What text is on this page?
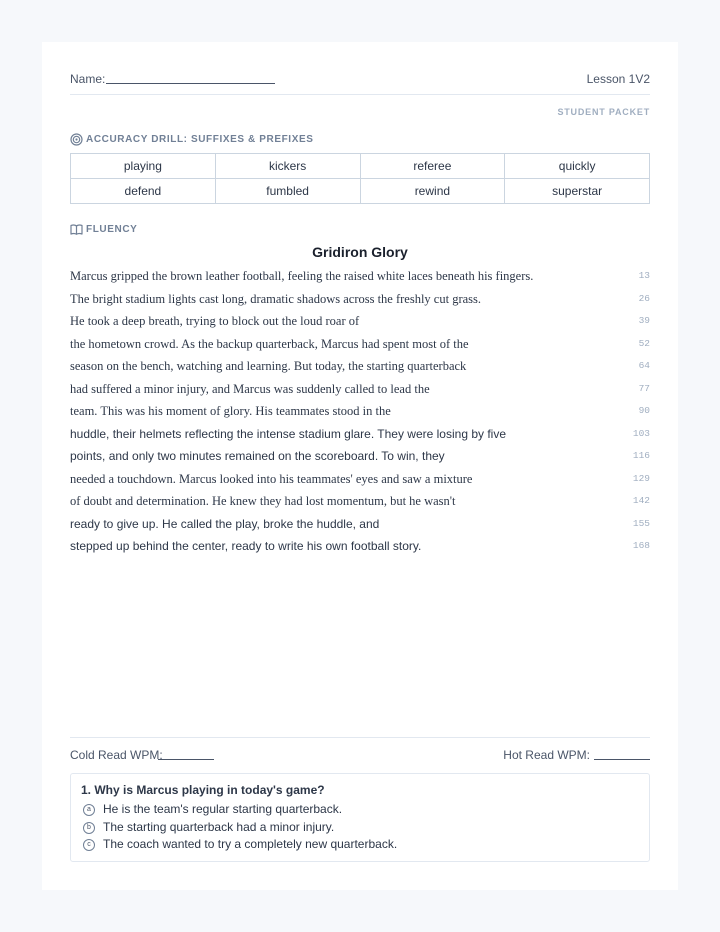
Name:	Lesson 1V2
STUDENT PACKET
ACCURACY DRILL: SUFFIXES & PREFIXES
playing	kickers	referee	quickly
defend	fumbled	rewind	superstar
FLUENCY
Gridiron Glory
Marcus gripped the brown leather football, feeling the raised white laces beneath his fingers.	13
The bright stadium lights cast long, dramatic shadows across the freshly cut grass.	26
He took a deep breath, trying to block out the loud roar of	39
the hometown crowd. As the backup quarterback, Marcus had spent most of the	52
season on the bench, watching and learning. But today, the starting quarterback	64
had suffered a minor injury, and Marcus was suddenly called to lead the	77
team. This was his moment of glory. His teammates stood in the	90
huddle, their helmets reflecting the intense stadium glare. They were losing by five	103
points, and only two minutes remained on the scoreboard. To win, they	116
needed a touchdown. Marcus looked into his teammates' eyes and saw a mixture	129
of doubt and determination. He knew they had lost momentum, but he wasn't	142
ready to give up. He called the play, broke the huddle, and	155
stepped up behind the center, ready to write his own football story.	168
Cold Read WPM:	Hot Read WPM:
1. Why is Marcus playing in today's game?
a	He is the team's regular starting quarterback.
b	The starting quarterback had a minor injury.
c	The coach wanted to try a completely new quarterback.
